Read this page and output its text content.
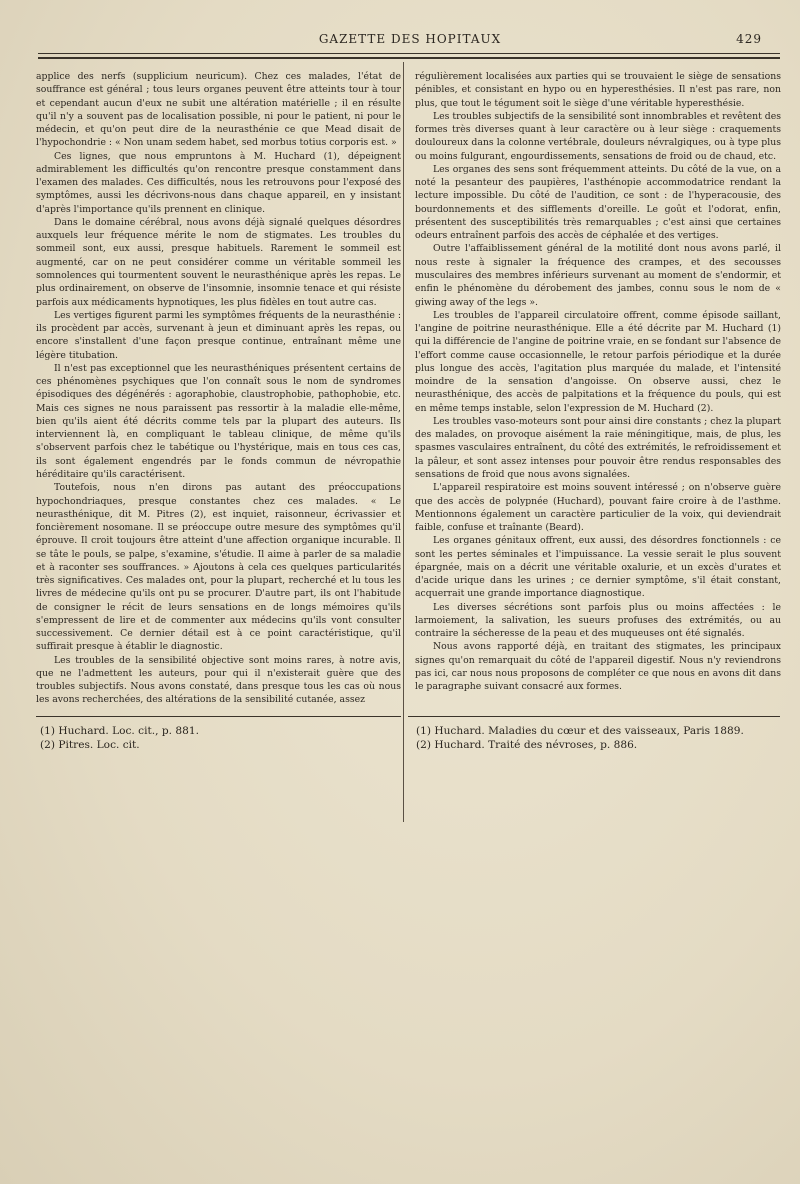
GAZETTE DES HOPITAUX	429

applice des nerfs (supplicium neuricum). Chez ces malades, l'état de souffrance est général ; tous leurs organes peuvent être atteints tour à tour et cependant aucun d'eux ne subit une altération matérielle ; il en résulte qu'il n'y a souvent pas de localisation possible, ni pour le patient, ni pour le médecin, et qu'on peut dire de la neurasthénie ce que Mead disait de l'hypochondrie : « Non unam sedem habet, sed morbus totius corporis est. »

Ces lignes, que nous empruntons à M. Huchard (1), dépeignent admirablement les difficultés qu'on rencontre presque constamment dans l'examen des malades. Ces difficultés, nous les retrouvons pour l'exposé des symptômes, aussi les décrivons-nous dans chaque appareil, en y insistant d'après l'importance qu'ils prennent en clinique.

Dans le domaine cérébral, nous avons déjà signalé quelques désordres auxquels leur fréquence mérite le nom de stigmates. Les troubles du sommeil sont, eux aussi, presque habituels. Rarement le sommeil est augmenté, car on ne peut considérer comme un véritable sommeil les somnolences qui tourmentent souvent le neurasthénique après les repas. Le plus ordinairement, on observe de l'insomnie, insomnie tenace et qui résiste parfois aux médicaments hypnotiques, les plus fidèles en tout autre cas.

Les vertiges figurent parmi les symptômes fréquents de la neurasthénie : ils procèdent par accès, survenant à jeun et diminuant après les repas, ou encore s'installent d'une façon presque continue, entraînant même une légère titubation.

Il n'est pas exceptionnel que les neurasthéniques présentent certains de ces phénomènes psychiques que l'on connaît sous le nom de syndromes épisodiques des dégénérés : agoraphobie, claustrophobie, pathophobie, etc. Mais ces signes ne nous paraissent pas ressortir à la maladie elle-même, bien qu'ils aient été décrits comme tels par la plupart des auteurs. Ils interviennent là, en compliquant le tableau clinique, de même qu'ils s'observent parfois chez le tabétique ou l'hystérique, mais en tous ces cas, ils sont également engendrés par le fonds commun de névropathie héréditaire qu'ils caractérisent.

Toutefois, nous n'en dirons pas autant des préoccupations hypochondriaques, presque constantes chez ces malades. « Le neurasthénique, dit M. Pitres (2), est inquiet, raisonneur, écrivassier et foncièrement nosomane. Il se préoccupe outre mesure des symptômes qu'il éprouve. Il croit toujours être atteint d'une affection organique incurable. Il se tâte le pouls, se palpe, s'examine, s'étudie. Il aime à parler de sa maladie et à raconter ses souffrances. » Ajoutons à cela ces quelques particularités très significatives. Ces malades ont, pour la plupart, recherché et lu tous les livres de médecine qu'ils ont pu se procurer. D'autre part, ils ont l'habitude de consigner le récit de leurs sensations en de longs mémoires qu'ils s'empressent de lire et de commenter aux médecins qu'ils vont consulter successivement. Ce dernier détail est à ce point caractéristique, qu'il suffirait presque à établir le diagnostic.

Les troubles de la sensibilité objective sont moins rares, à notre avis, que ne l'admettent les auteurs, pour qui il n'existerait guère que des troubles subjectifs. Nous avons constaté, dans presque tous les cas où nous les avons recherchées, des altérations de la sensibilité cutanée, assez

régulièrement localisées aux parties qui se trouvaient le siège de sensations pénibles, et consistant en hypo ou en hyperesthésies. Il n'est pas rare, non plus, que tout le tégument soit le siège d'une véritable hyperesthésie.

Les troubles subjectifs de la sensibilité sont innombrables et revêtent des formes très diverses quant à leur caractère ou à leur siège : craquements douloureux dans la colonne vertébrale, douleurs névralgiques, ou à type plus ou moins fulgurant, engourdissements, sensations de froid ou de chaud, etc.

Les organes des sens sont fréquemment atteints. Du côté de la vue, on a noté la pesanteur des paupières, l'asthénopie accommodatrice rendant la lecture impossible. Du côté de l'audition, ce sont : de l'hyperacousie, des bourdonnements et des sifflements d'oreille. Le goût et l'odorat, enfin, présentent des susceptibilités très remarquables ; c'est ainsi que certaines odeurs entraînent parfois des accès de céphalée et des vertiges.

Outre l'affaiblissement général de la motilité dont nous avons parlé, il nous reste à signaler la fréquence des crampes, et des secousses musculaires des membres inférieurs survenant au moment de s'endormir, et enfin le phénomène du dérobement des jambes, connu sous le nom de « giwing away of the legs ».

Les troubles de l'appareil circulatoire offrent, comme épisode saillant, l'angine de poitrine neurasthénique. Elle a été décrite par M. Huchard (1) qui la différencie de l'angine de poitrine vraie, en se fondant sur l'absence de l'effort comme cause occasionnelle, le retour parfois périodique et la durée plus longue des accès, l'agitation plus marquée du malade, et l'intensité moindre de la sensation d'angoisse. On observe aussi, chez le neurasthénique, des accès de palpitations et la fréquence du pouls, qui est en même temps instable, selon l'expression de M. Huchard (2).

Les troubles vaso-moteurs sont pour ainsi dire constants ; chez la plupart des malades, on provoque aisément la raie méningitique, mais, de plus, les spasmes vasculaires entraînent, du côté des extrémités, le refroidissement et la pâleur, et sont assez intenses pour pouvoir être rendus responsables des sensations de froid que nous avons signalées.

L'appareil respiratoire est moins souvent intéressé ; on n'observe guère que des accès de polypnée (Huchard), pouvant faire croire à de l'asthme. Mentionnons également un caractère particulier de la voix, qui deviendrait faible, confuse et traînante (Beard).

Les organes génitaux offrent, eux aussi, des désordres fonctionnels : ce sont les pertes séminales et l'impuissance. La vessie serait le plus souvent épargnée, mais on a décrit une véritable oxalurie, et un excès d'urates et d'acide urique dans les urines ; ce dernier symptôme, s'il était constant, acquerrait une grande importance diagnostique.

Les diverses sécrétions sont parfois plus ou moins affectées : le larmoiement, la salivation, les sueurs profuses des extrémités, ou au contraire la sécheresse de la peau et des muqueuses ont été signalés.

Nous avons rapporté déjà, en traitant des stigmates, les principaux signes qu'on remarquait du côté de l'appareil digestif. Nous n'y reviendrons pas ici, car nous nous proposons de compléter ce que nous en avons dit dans le paragraphe suivant consacré aux formes.

(1) Huchard. Loc. cit., p. 881.
(2) Pitres. Loc. cit.
(1) Huchard. Maladies du cœur et des vaisseaux, Paris 1889.
(2) Huchard. Traité des névroses, p. 886.
